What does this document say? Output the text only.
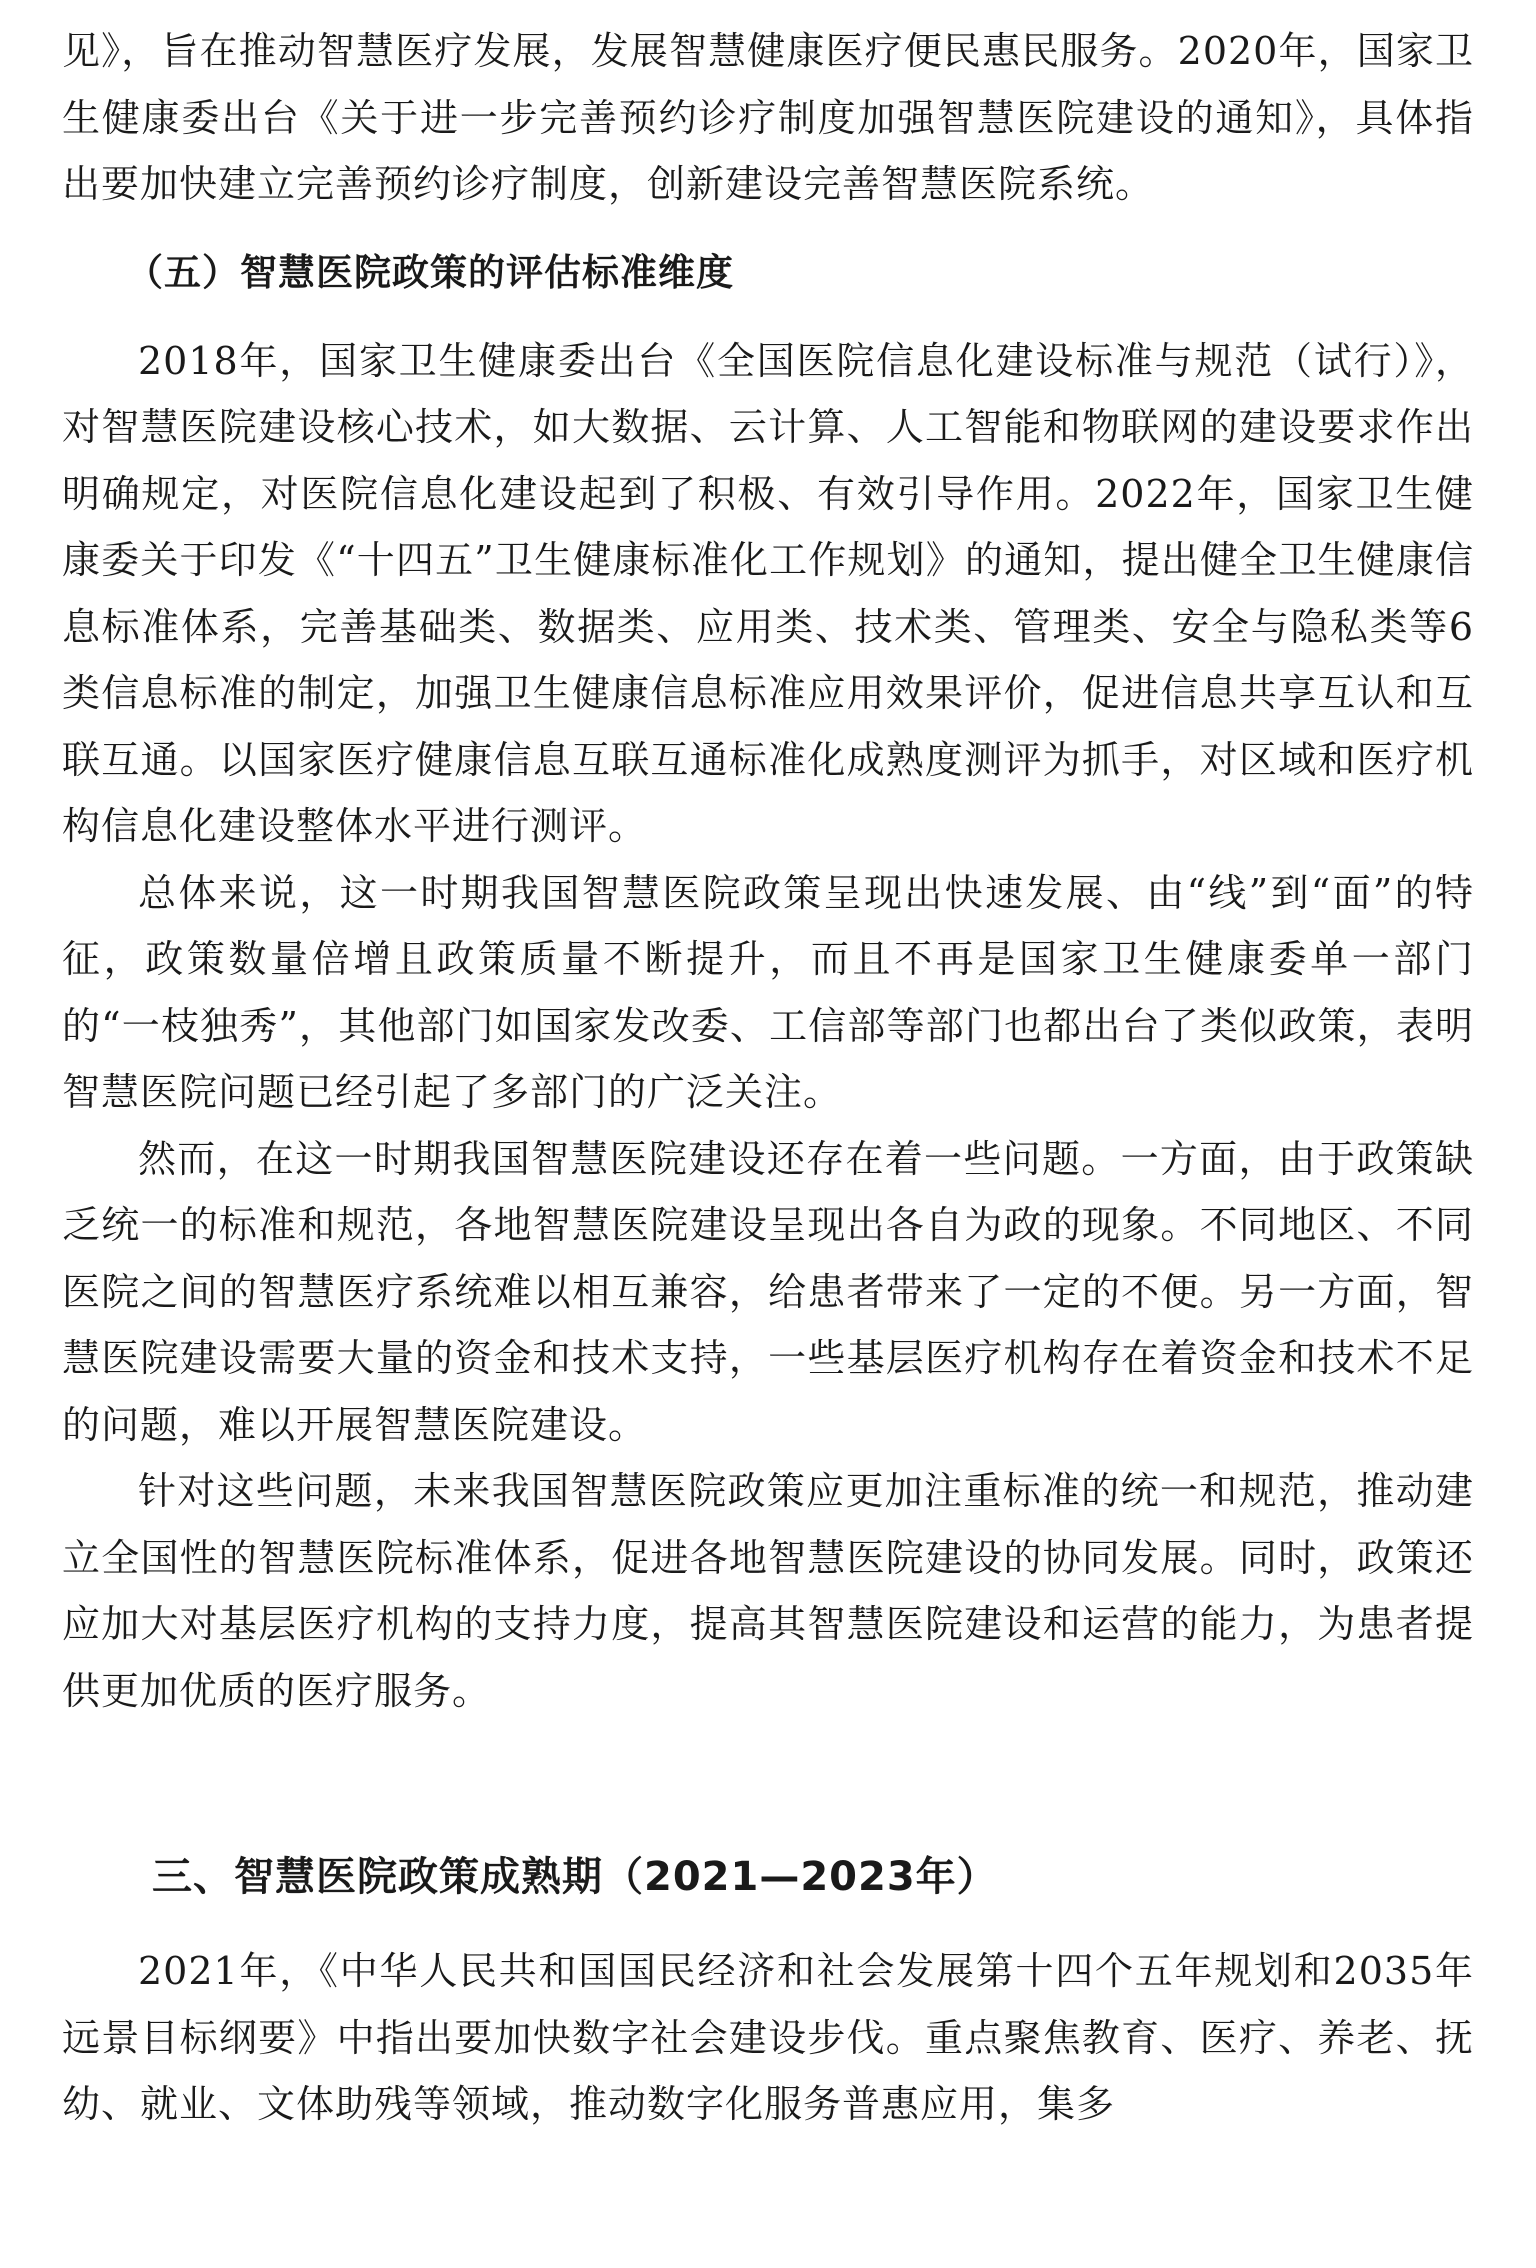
见》，旨在推动智慧医疗发展，发展智慧健康医疗便民惠民服务。2020年，国家卫生健康委出台《关于进一步完善预约诊疗制度加强智慧医院建设的通知》，具体指出要加快建立完善预约诊疗制度，创新建设完善智慧医院系统。

（五）智慧医院政策的评估标准维度

2018年，国家卫生健康委出台《全国医院信息化建设标准与规范（试行）》，对智慧医院建设核心技术，如大数据、云计算、人工智能和物联网的建设要求作出明确规定，对医院信息化建设起到了积极、有效引导作用。2022年，国家卫生健康委关于印发《“十四五”卫生健康标准化工作规划》的通知，提出健全卫生健康信息标准体系，完善基础类、数据类、应用类、技术类、管理类、安全与隐私类等6类信息标准的制定，加强卫生健康信息标准应用效果评价，促进信息共享互认和互联互通。以国家医疗健康信息互联互通标准化成熟度测评为抓手，对区域和医疗机构信息化建设整体水平进行测评。

总体来说，这一时期我国智慧医院政策呈现出快速发展、由“线”到“面”的特征，政策数量倍增且政策质量不断提升，而且不再是国家卫生健康委单一部门的“一枝独秀”，其他部门如国家发改委、工信部等部门也都出台了类似政策，表明智慧医院问题已经引起了多部门的广泛关注。

然而，在这一时期我国智慧医院建设还存在着一些问题。一方面，由于政策缺乏统一的标准和规范，各地智慧医院建设呈现出各自为政的现象。不同地区、不同医院之间的智慧医疗系统难以相互兼容，给患者带来了一定的不便。另一方面，智慧医院建设需要大量的资金和技术支持，一些基层医疗机构存在着资金和技术不足的问题，难以开展智慧医院建设。

针对这些问题，未来我国智慧医院政策应更加注重标准的统一和规范，推动建立全国性的智慧医院标准体系，促进各地智慧医院建设的协同发展。同时，政策还应加大对基层医疗机构的支持力度，提高其智慧医院建设和运营的能力，为患者提供更加优质的医疗服务。

三、智慧医院政策成熟期（2021—2023年）

2021年，《中华人民共和国国民经济和社会发展第十四个五年规划和2035年远景目标纲要》中指出要加快数字社会建设步伐。重点聚焦教育、医疗、养老、抚幼、就业、文体助残等领域，推动数字化服务普惠应用，集多
